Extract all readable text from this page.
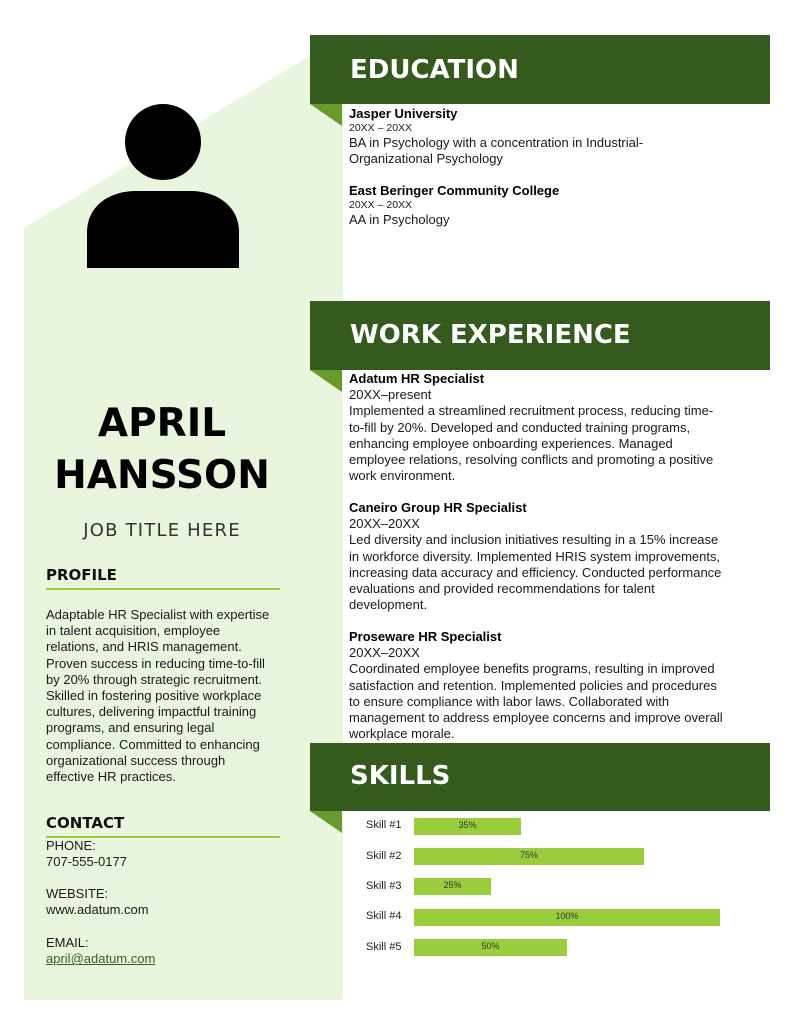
APRIL
HANSSON
JOB TITLE HERE
PROFILE
Adaptable HR Specialist with expertise
in talent acquisition, employee
relations, and HRIS management.
Proven success in reducing time-to-fill
by 20% through strategic recruitment.
Skilled in fostering positive workplace
cultures, delivering impactful training
programs, and ensuring legal
compliance. Committed to enhancing
organizational success through
effective HR practices.
CONTACT
PHONE:
707-555-0177
WEBSITE:
www.adatum.com
EMAIL:
april@adatum.com
EDUCATION
Jasper University
20XX – 20XX
BA in Psychology with a concentration in Industrial-
Organizational Psychology
East Beringer Community College
20XX – 20XX
AA in Psychology
WORK EXPERIENCE
Adatum HR Specialist
20XX–present
Implemented a streamlined recruitment process, reducing time-
to-fill by 20%. Developed and conducted training programs,
enhancing employee onboarding experiences. Managed
employee relations, resolving conflicts and promoting a positive
work environment.
Caneiro Group HR Specialist
20XX–20XX
Led diversity and inclusion initiatives resulting in a 15% increase
in workforce diversity. Implemented HRIS system improvements,
increasing data accuracy and efficiency. Conducted performance
evaluations and provided recommendations for talent
development.
Proseware HR Specialist
20XX–20XX
Coordinated employee benefits programs, resulting in improved
satisfaction and retention. Implemented policies and procedures
to ensure compliance with labor laws. Collaborated with
management to address employee concerns and improve overall
workplace morale.
SKILLS
Skill #1	35%
Skill #2	75%
Skill #3	25%
Skill #4	100%
Skill #5	50%
